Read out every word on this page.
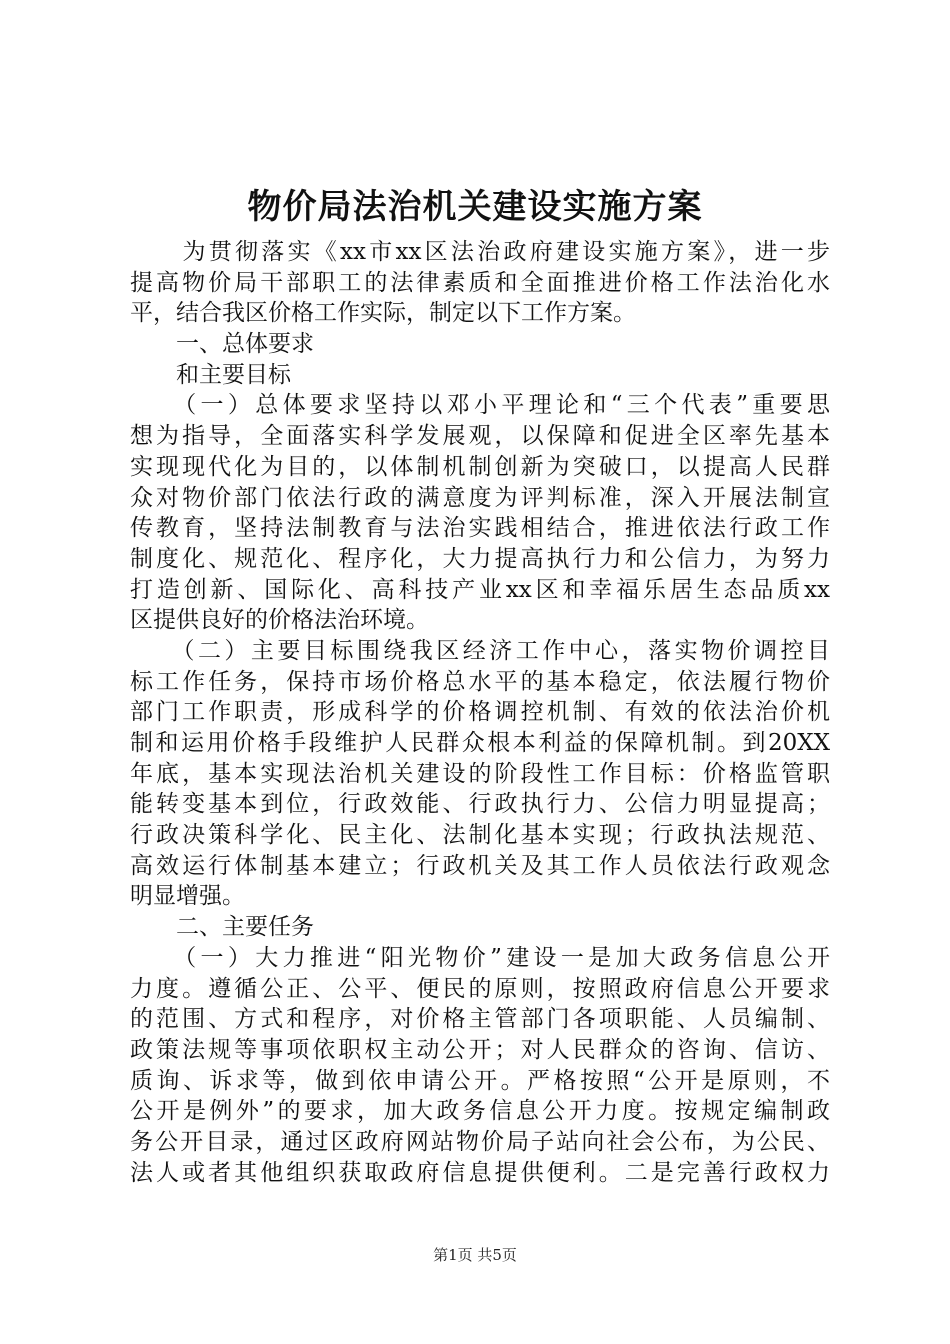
物价局法治机关建设实施方案
　　为贯彻落实《xx市xx区法治政府建设实施方案》，进一步
提高物价局干部职工的法律素质和全面推进价格工作法治化水
平，结合我区价格工作实际，制定以下工作方案。
　　一、总体要求
　　和主要目标
　　（一）总体要求坚持以邓小平理论和“三个代表”重要思
想为指导，全面落实科学发展观，以保障和促进全区率先基本
实现现代化为目的，以体制机制创新为突破口，以提高人民群
众对物价部门依法行政的满意度为评判标准，深入开展法制宣
传教育，坚持法制教育与法治实践相结合，推进依法行政工作
制度化、规范化、程序化，大力提高执行力和公信力，为努力
打造创新、国际化、高科技产业xx区和幸福乐居生态品质xx
区提供良好的价格法治环境。
　　（二）主要目标围绕我区经济工作中心，落实物价调控目
标工作任务，保持市场价格总水平的基本稳定，依法履行物价
部门工作职责，形成科学的价格调控机制、有效的依法治价机
制和运用价格手段维护人民群众根本利益的保障机制。到20XX
年底，基本实现法治机关建设的阶段性工作目标：价格监管职
能转变基本到位，行政效能、行政执行力、公信力明显提高；
行政决策科学化、民主化、法制化基本实现；行政执法规范、
高效运行体制基本建立；行政机关及其工作人员依法行政观念
明显增强。
　　二、主要任务
　　（一）大力推进“阳光物价”建设一是加大政务信息公开
力度。遵循公正、公平、便民的原则，按照政府信息公开要求
的范围、方式和程序，对价格主管部门各项职能、人员编制、
政策法规等事项依职权主动公开；对人民群众的咨询、信访、
质询、诉求等，做到依申请公开。严格按照“公开是原则，不
公开是例外”的要求，加大政务信息公开力度。按规定编制政
务公开目录，通过区政府网站物价局子站向社会公布，为公民、
法人或者其他组织获取政府信息提供便利。二是完善行政权力
第1页 共5页
